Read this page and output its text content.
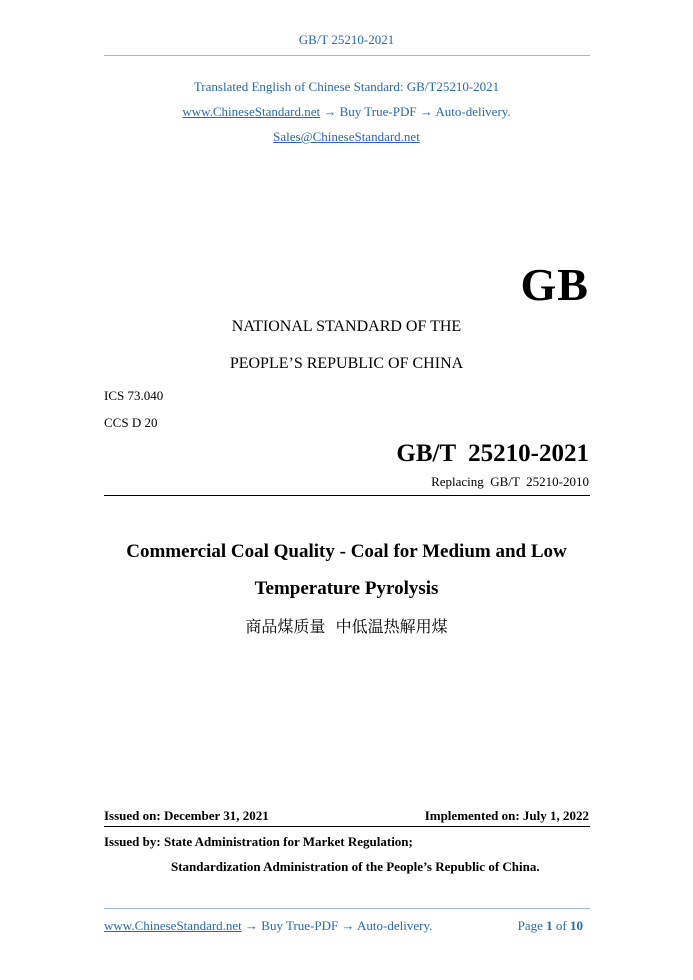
GB/T 25210-2021
Translated English of Chinese Standard: GB/T25210-2021
www.ChineseStandard.net → Buy True-PDF → Auto-delivery.
Sales@ChineseStandard.net
GB
NATIONAL STANDARD OF THE
PEOPLE’S REPUBLIC OF CHINA
ICS 73.040
CCS D 20
GB/T  25210-2021
Replacing  GB/T  25210-2010
Commercial Coal Quality - Coal for Medium and Low
Temperature Pyrolysis
商品煤质量  中低温热解用煤
Issued on: December 31, 2021	Implemented on: July 1, 2022
Issued by: State Administration for Market Regulation;
Standardization Administration of the People’s Republic of China.
www.ChineseStandard.net → Buy True-PDF → Auto-delivery.	Page 1 of 10
